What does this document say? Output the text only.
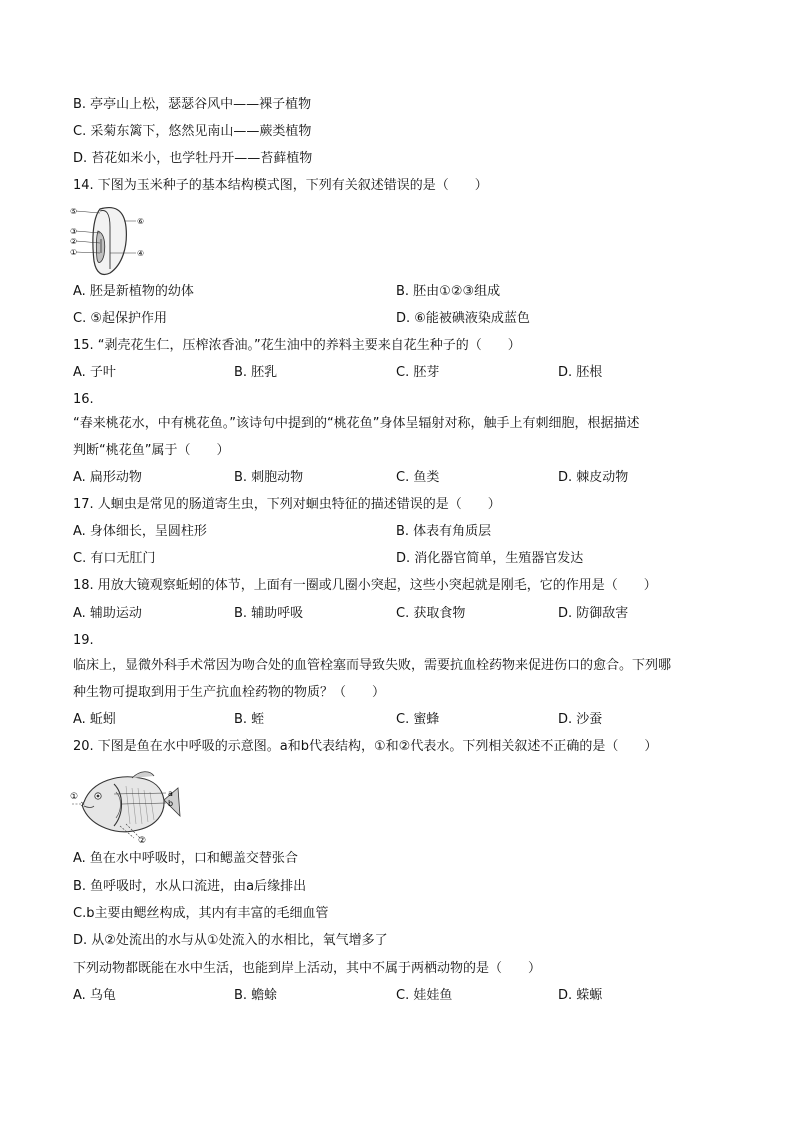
B. 亭亭山上松，瑟瑟谷风中——裸子植物
C. 采菊东篱下，悠然见南山——蕨类植物
D. 苔花如米小，也学牡丹开——苔藓植物
14. 下图为玉米种子的基本结构模式图，下列有关叙述错误的是（　　）
⑤
③
②
①
⑥
④
A. 胚是新植物的幼体	B. 胚由①②③组成
C. ⑤起保护作用	D. ⑥能被碘液染成蓝色
15. “剥壳花生仁，压榨浓香油。”花生油中的养料主要来自花生种子的（　　）
A. 子叶	B. 胚乳	C. 胚芽	D. 胚根
16.
“春来桃花水，中有桃花鱼。”该诗句中提到的“桃花鱼”身体呈辐射对称，触手上有刺细胞，根据描述
判断“桃花鱼”属于（　　）
A. 扁形动物	B. 刺胞动物	C. 鱼类	D. 棘皮动物
17. 人蛔虫是常见的肠道寄生虫，下列对蛔虫特征的描述错误的是（　　）
A. 身体细长，呈圆柱形	B. 体表有角质层
C. 有口无肛门	D. 消化器官简单，生殖器官发达
18. 用放大镜观察蚯蚓的体节，上面有一圈或几圈小突起，这些小突起就是刚毛，它的作用是（　　）
A. 辅助运动	B. 辅助呼吸	C. 获取食物	D. 防御敌害
19.
临床上，显微外科手术常因为吻合处的血管栓塞而导致失败，需要抗血栓药物来促进伤口的愈合。下列哪
种生物可提取到用于生产抗血栓药物的物质？（　　）
A. 蚯蚓	B. 蛭	C. 蜜蜂	D. 沙蚕
20. 下图是鱼在水中呼吸的示意图。a和b代表结构，①和②代表水。下列相关叙述不正确的是（　　）
①	a
b
②
A. 鱼在水中呼吸时，口和鳃盖交替张合
B. 鱼呼吸时，水从口流进，由a后缘排出
C.b主要由鳃丝构成，其内有丰富的毛细血管
D. 从②处流出的水与从①处流入的水相比，氧气增多了
下列动物都既能在水中生活，也能到岸上活动，其中不属于两栖动物的是（　　）
A. 乌龟	B. 蟾蜍	C. 娃娃鱼	D. 蝾螈
